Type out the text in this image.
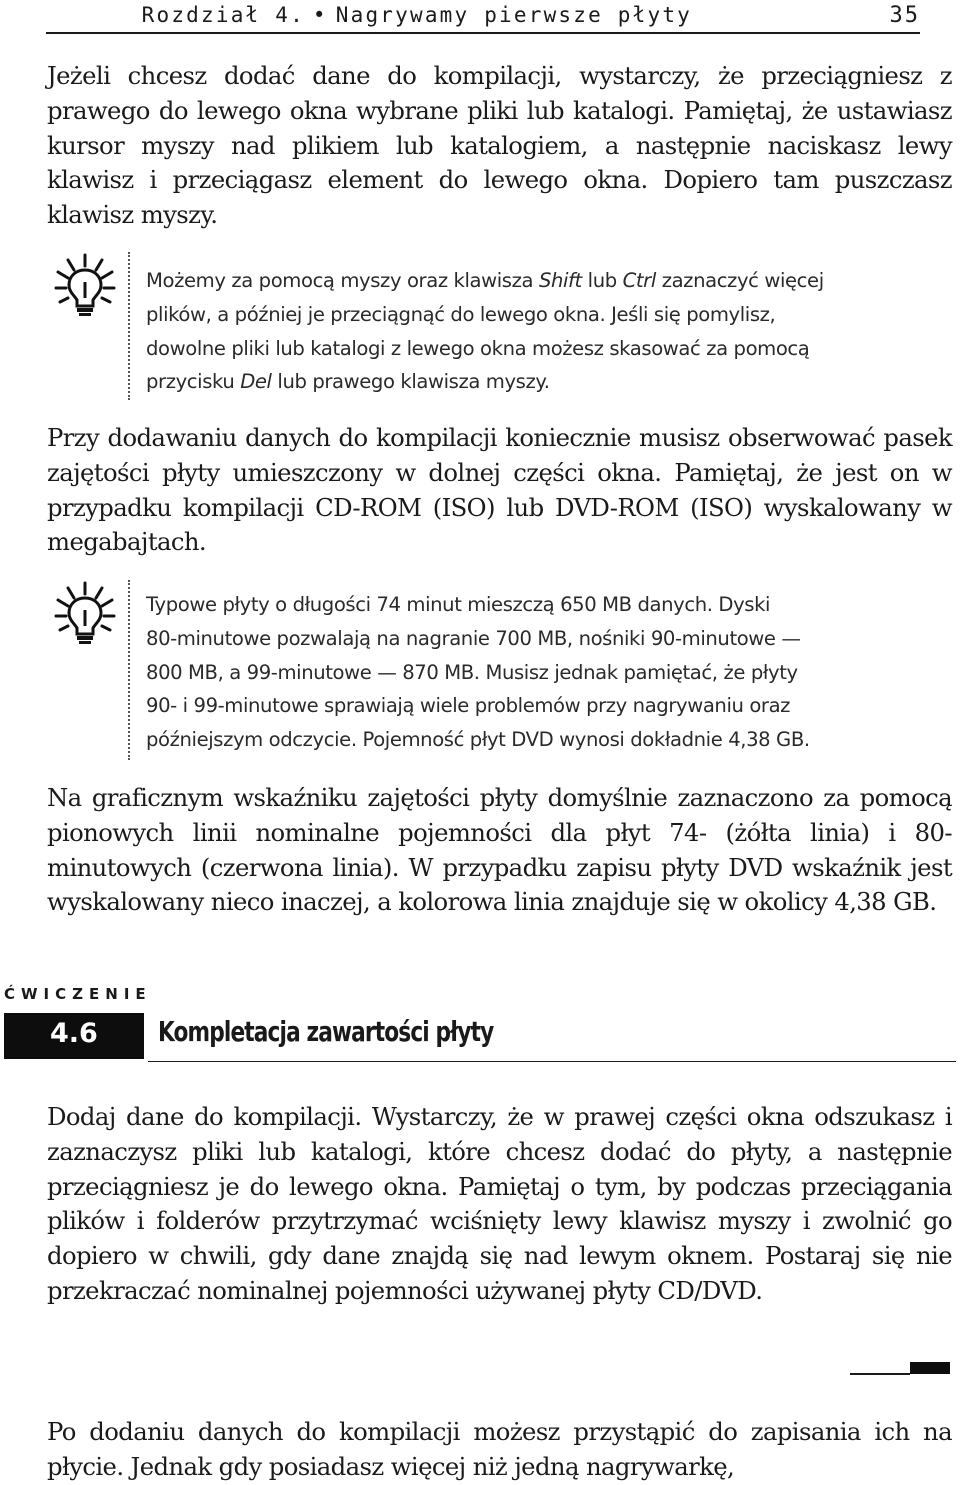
Rozdział 4. • Nagrywamy pierwsze płyty	35

Jeżeli chcesz dodać dane do kompilacji, wystarczy, że przeciągniesz z prawego do lewego okna wybrane pliki lub katalogi. Pamiętaj, że ustawiasz kursor myszy nad plikiem lub katalogiem, a następnie naciskasz lewy klawisz i przeciągasz element do lewego okna. Dopiero tam puszczasz klawisz myszy.

Możemy za pomocą myszy oraz klawisza Shift lub Ctrl zaznaczyć więcej
plików, a później je przeciągnąć do lewego okna. Jeśli się pomylisz,
dowolne pliki lub katalogi z lewego okna możesz skasować za pomocą
przycisku Del lub prawego klawisza myszy.

Przy dodawaniu danych do kompilacji koniecznie musisz obserwować pasek zajętości płyty umieszczony w dolnej części okna. Pamiętaj, że jest on w przypadku kompilacji CD-ROM (ISO) lub DVD-ROM (ISO) wyskalowany w megabajtach.

Typowe płyty o długości 74 minut mieszczą 650 MB danych. Dyski
80-minutowe pozwalają na nagranie 700 MB, nośniki 90-minutowe —
800 MB, a 99-minutowe — 870 MB. Musisz jednak pamiętać, że płyty
90- i 99-minutowe sprawiają wiele problemów przy nagrywaniu oraz
późniejszym odczycie. Pojemność płyt DVD wynosi dokładnie 4,38 GB.

Na graficznym wskaźniku zajętości płyty domyślnie zaznaczono za pomocą pionowych linii nominalne pojemności dla płyt 74- (żółta linia) i 80-minutowych (czerwona linia). W przypadku zapisu płyty DVD wskaźnik jest wyskalowany nieco inaczej, a kolorowa linia znajduje się w okolicy 4,38 GB.

ĆWICZENIE
4.6 Kompletacja zawartości płyty

Dodaj dane do kompilacji. Wystarczy, że w prawej części okna odszukasz i zaznaczysz pliki lub katalogi, które chcesz dodać do płyty, a następnie przeciągniesz je do lewego okna. Pamiętaj o tym, by podczas przeciągania plików i folderów przytrzymać wciśnięty lewy klawisz myszy i zwolnić go dopiero w chwili, gdy dane znajdą się nad lewym oknem. Postaraj się nie przekraczać nominalnej pojemności używanej płyty CD/DVD.

Po dodaniu danych do kompilacji możesz przystąpić do zapisania ich na płycie. Jednak gdy posiadasz więcej niż jedną nagrywarkę,
